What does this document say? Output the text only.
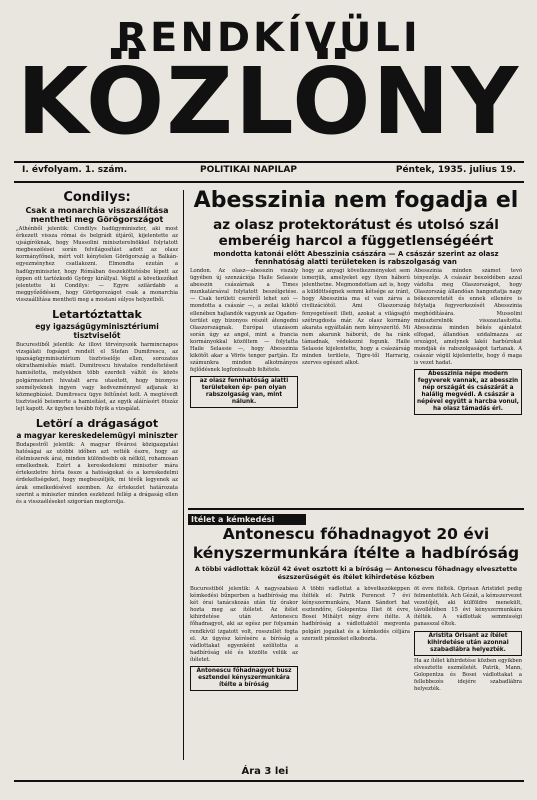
RENDKÍVÜLI
KÖZLÖNY
I. évfolyam. 1. szám.	POLITIKAI NAPILAP	Péntek, 1935. julius 19.
Condilys:
Csak a monarchia visszaállítása mentheti meg Görögországot

„Athénből jelentik: Condilys hadügyminiszter, aki most érkezett vissza római és belgrádi útjáról, kijelentette az ujságíróknak, hogy Mussolini miniszterelnökkel folytatott megbeszélései során felvilágosítást adott az olasz kormányfőnek, mért volt kénytelen Görögország a Balkán-egyezményhez csatlakozni. Elmondta ezután a hadügyminiszter, hogy Rómában összeköttetésbe lépett az éppen ott tartózkodó György királlyal. Végül a következőket jelentette ki Condilys: — Egyre szilárdabb a meggyőződésem, hogy Görögországot csak a monarchia visszaállítása mentheti meg a mostani súlyos helyzetből.

Letartóztattak
egy igazságügyminisztériumi tisztviselőt

Bucurestiből jelentik: Az illovi törvényszék harmincnapos vizsgálati fogságot rendelt el Stefan Dumitrescu, az igazságügyminisztérium tisztviselője ellen, sorozatos okirathamisítás miatt. Dumitrescu hivatalos rendeltetéseit hamisította, melyekben több ezerdeli váltót és közös polgármesteri hivatalt arra utasított, hogy bizonyos személyeknek ingyen vagy kedvezménnyel adjanak ki közmegbízást. Dumitrescu ügye feltűnést kelt. A megtévedt tisztviselő beismerte a hamisítást, az egyik aláírásért ötszáz lejt kapott. Az ügyben tovább folyik a vizsgálat.

Letörí a drágaságot
a magyar kereskedelemügyi miniszter

Budapestről jelentik: A magyar fővárosi közigazgatási hatóságai az utóbbi időben azt vették észre, hogy az élelmiszerek árai, minden különösebb ok nélkül, rohamosan emelkednek. Ezért a kereskedelemi miniszter mára értekezletre hívta össze a hatóságokat és a kereskedelmi érdekeltségeket, hogy megbeszéljék, mi tévők legyenek az árak emelkedésével szemben. Az értekezlet határozata szerint a miniszter minden eszközzel fellép a drágaság ellen és a visszaéléseket szigorúan megtorolja.

Abesszinia nem fogadja el
az olasz protektorátust és utolsó szál emberéig harcol a függetlenségéért
mondotta katonái előtt Abesszinia császára — A császár szerint az olasz fennhatóság alatti területeken is rabszolgaság van

London. Az olasz—abesszin viszály ügyében új szenzációja Haile Selassie abesszin császárnak a Times munkatársával folytatott beszélgetése. — Csak területi cseréről lehet szó — mondotta a császár —, a zeilai kikötő ellenében hajlandók vagyunk az Ogaden-terület egy bizonyos részét átengedni Olaszországnak. Európai utazásom során úgy az angol, mint a francia kormányokkal közöltem — folytatta Haile Selassie —, hogy Abesszinia kikötőt akar a Vörös tenger partján. Ez számunkra minden alkotmányos fejlődésnek legfontosabb feltétele.

az olasz fennhatóság alatti területeken ép- pen olyan rabszolgaság van, mint nálunk.

hogy az anyagi következményeket sem ismerjük, amelyeket egy ilyen háború jelenthetne. Megmondottam azt is, hogy a küldöttségnek semmi kétsége az iránt, hogy Abesszinia ma el van zárva a civilizációtól. Ami Olaszország fenyegetéseit illeti, azokat a világsajtó szétrugdosta már. Az olasz kormány akarata egyáltalán nem kényszerítő. Mi nem akarunk háborút, de ha ránk támadnak, védekezni fogunk. Haile Selassie kijelentette, hogy a császárság minden területe, Tigre-től Harrarig, szerves egészet alkot.

Abesszinia minden számot tevő tényezője. A császár beszédében azzal vádolta meg Olaszországot, hogy Olaszország állandóan hangoztatja nagy békeszeretetét és ennek ellenére is folytatja fegyverkezését Abesszinia meghódítására. Mussolini miniszterelnök visszautasította. Abesszinia minden békés ajánlatot elfogad, állandóan szidalmazza az országot, amelynek lakói harbúrokat mondják és rabszolgaságot tartanak. A császár végül kijelentette, hogy ő maga is vezet hadat.

Abesszinia népe modern fegyverek vannak, az abesszin nép országát és császárát a halálig megvédi. A császár a népével együtt a harcba vonul, ha olasz támadás éri.
Itélet a kémkedési perben Antonescu főhadnagyot 20 évi kényszermunkára ítélte a hadbíróság
A többi vádlottak közül 42 évet osztott ki a bíróság — Antonescu főhadnagy elvesztette észszerűségét és ítélet kihirdetése közben

Bucurestiből jelentik: A nagyszabású kémkedési bűnperben a hadbíróság ma két órai tanácskozás után tíz órakor hozta meg az ítéletet. Az ítélet kihirdetése után Antonescu főhadnagyot, aki az egész per folyamán rendkívül izgatott volt, rosszullét fogta el. Az ügyész kérésére a bíróság a vádlottakat egyenként szólította a hadbíróság elé és közölte velük az ítéletet.

Antonescu főhadnagyot busz esztendei kényszermunkára ítélte a bíróság

A többi vádlottat a következőképpen ítélték el: Patrik Ferencet 7 évi kényszermunkára, Mann Sándort hat esztendőre, Golopentza Iliet öt évre, Bosei Mihályt négy évre ítélte. A hadbíróság a vádlottaktól megvonta polgári jogaikat és a kémkedés céljára szerzett pénzeket elkobozta.

öt évre ítélték. Oprisan Aristidet pedig felmentették. Ach Gézát, a kémszervezet vezetőjét, aki külföldre menekült, távollétében 15 évi kényszermunkára ítélték. A vádlottak semmisségi panasszal éltek.

Aristita Orisant az ítélet kihirdetése után azonnal szabadlábra helyezték.

Ha az ítélet kihirdetése közben egyikben elvesztette eszméletét. Patrik, Mann, Golopentza és Bosei vádlottakat a fellebbezés idejére szabadlábra helyezték.

Ára 3 lei
